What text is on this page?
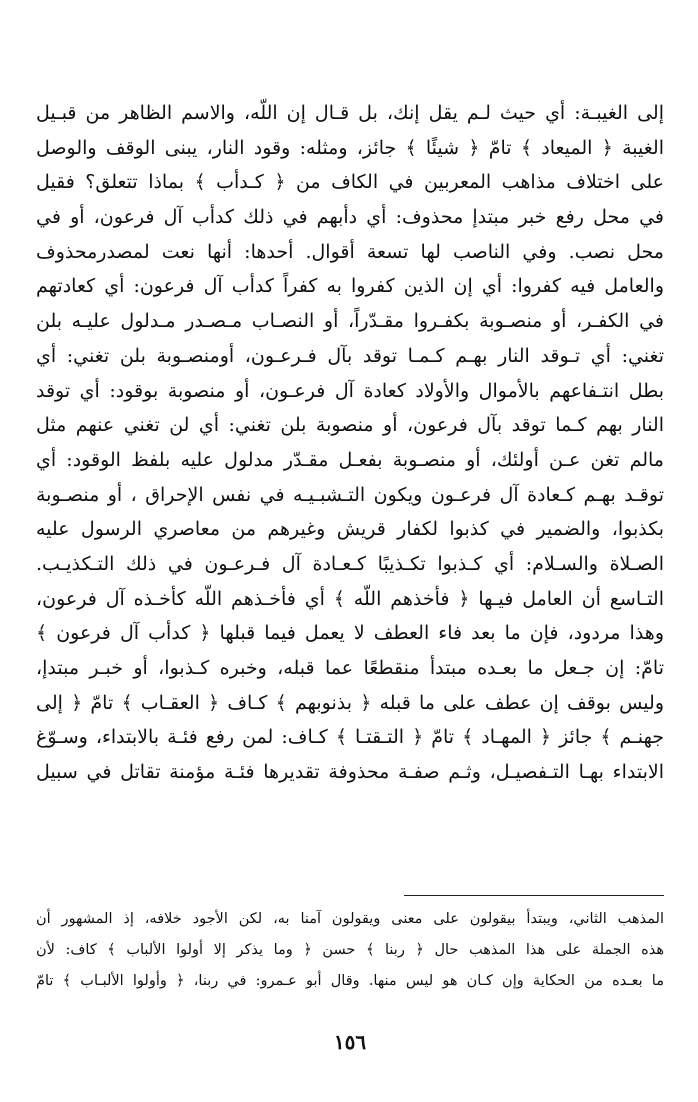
إلى الغيبـة: أي حيث لـم يقل إنك، بل قـال إن اللّه، والاسم الظاهر من قبـيل
الغيبة ﴿ الميعاد ﴾ تامّ ﴿ شيئًا ﴾ جائز، ومثله: وقود النار، يبنى الوقف والوصل
على اختلاف مذاهب المعربين في الكاف من ﴿ كـدأب ﴾ بماذا تتعلق؟ فقيل
في محل رفع خبر مبتدإ محذوف: أي دأبهم في ذلك كدأب آل فرعون، أو في
محل نصب. وفي الناصب لها تسعة أقوال. أحدها: أنها نعت لمصدرمحذوف
والعامل فيه كفروا: أي إن الذين كفروا به كفراً كدأب آل فرعون: أي كعادتهم
في الكفـر، أو منصـوبة بكفـروا مقـدّراً، أو النصـاب مـصـدر مـدلول عليـه بلن
تغني: أي تـوقد النار بهـم كـمـا توقد بآل فـرعـون، أومنصـوبة بلن تغني: أي
بطل انتـفاعهم بالأموال والأولاد كعادة آل فرعـون، أو منصوبة بوقود: أي توقد
النار بهم كـما توقد بآل فرعون، أو منصوبة بلن تغني: أي لن تغني عنهم مثل
مالم تغن عـن أولئك، أو منصـوبة بفعـل مقـدّر مدلول عليه بلفظ الوقود: أي
توقـد بهـم كـعادة آل فرعـون ويكون التـشبـيـه في نفس الإحراق ، أو منصـوبة
بكذبوا، والضمير في كذبوا لكفار قريش وغيرهم من معاصري الرسول عليه
الصـلاة والسـلام: أي كـذبوا تكـذيبًا كـعـادة آل فـرعـون في ذلك التـكذيـب.
التـاسع أن العامل فيـها ﴿ فأخذهم اللّه ﴾ أي فأخـذهم اللّه كأخـذه آل فرعون،
وهذا مردود، فإن ما بعد فاء العطف لا يعمل فيما قبلها ﴿ كدأب آل فرعون ﴾
تامّ: إن جـعل ما بعـده مبتدأ منقطعًا عما قبله، وخبره كـذبوا، أو خبـر مبتدإ،
وليس بوقف إن عطف على ما قبله ﴿ بذنوبهم ﴾ كـاف ﴿ العقـاب ﴾ تامّ ﴿ إلى
جهنـم ﴾ جائز ﴿ المهـاد ﴾ تامّ ﴿ التـقتـا ﴾ كـاف: لمن رفع فئـة بالابتداء، وسـوّغ
الابتداء بهـا التـفصيـل، وثـم صفـة محذوفة تقديرها فئـة مؤمنة تقاتل في سبيل
المذهب الثاني، ويبتدأ بيقولون على معنى ويقولون آمنا به، لكن الأجود خلافه، إذ المشهور أن
هذه الجملة على هذا المذهب حال ﴿ ربنا ﴾ حسن ﴿ وما يذكر إلا أولوا الألباب ﴾ كاف: لأن
ما بعـده من الحكاية وإن كـان هو ليس منها. وقال أبو عـمرو: في ربنا، ﴿ وأولوا الألبـاب ﴾ تامّ
١٥٦
